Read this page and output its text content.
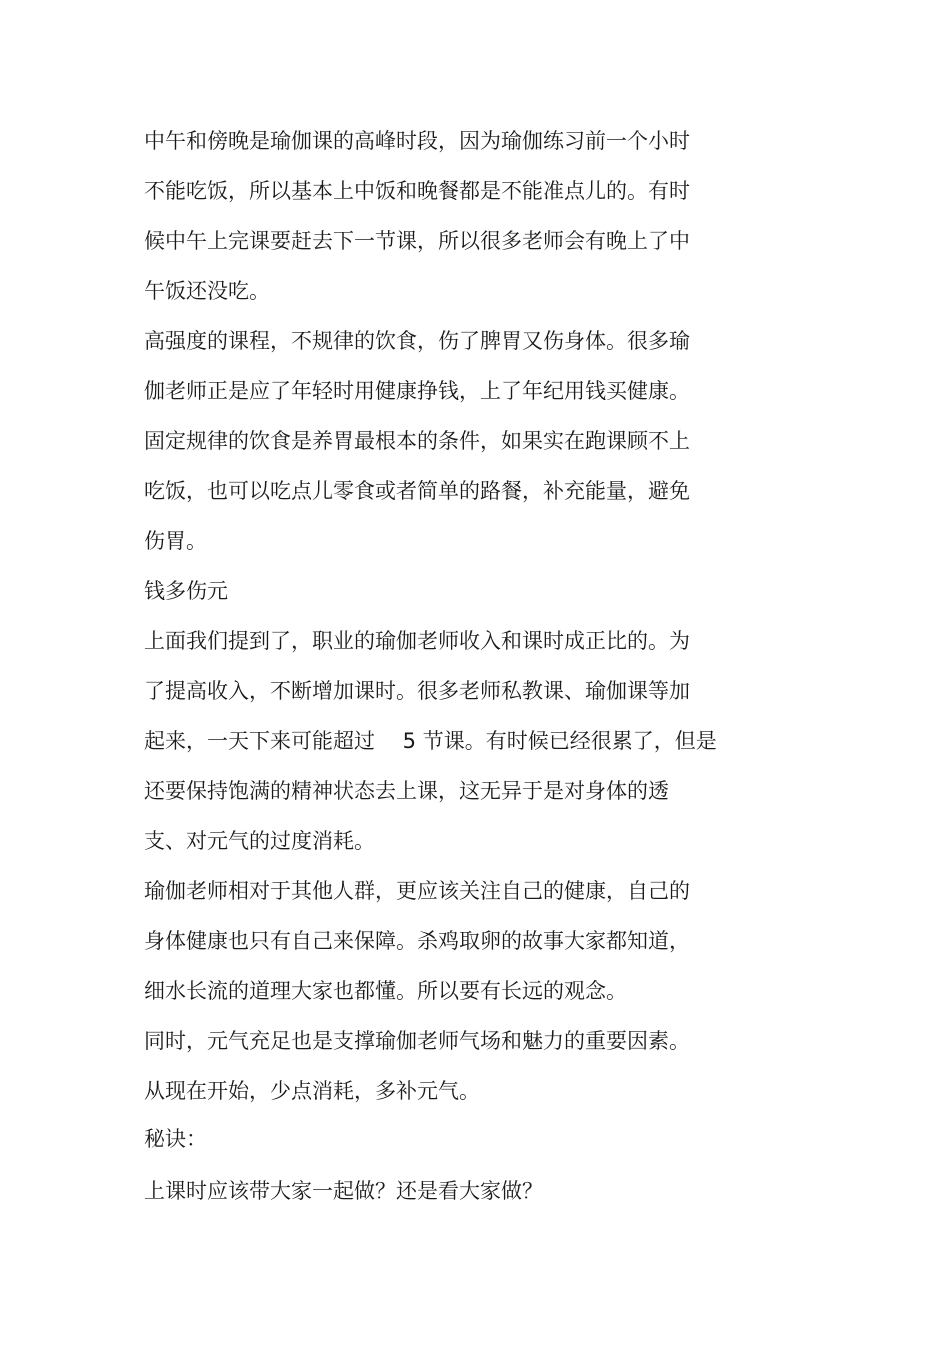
中午和傍晚是瑜伽课的高峰时段，因为瑜伽练习前一个小时
不能吃饭，所以基本上中饭和晚餐都是不能准点儿的。有时
候中午上完课要赶去下一节课，所以很多老师会有晚上了中
午饭还没吃。
高强度的课程，不规律的饮食，伤了脾胃又伤身体。很多瑜
伽老师正是应了年轻时用健康挣钱，上了年纪用钱买健康。
固定规律的饮食是养胃最根本的条件，如果实在跑课顾不上
吃饭，也可以吃点儿零食或者简单的路餐，补充能量，避免
伤胃。
钱多伤元
上面我们提到了，职业的瑜伽老师收入和课时成正比的。为
了提高收入，不断增加课时。很多老师私教课、瑜伽课等加
起来，一天下来可能超过　 5 节课。有时候已经很累了，但是
还要保持饱满的精神状态去上课，这无异于是对身体的透
支、对元气的过度消耗。
瑜伽老师相对于其他人群，更应该关注自己的健康，自己的
身体健康也只有自己来保障。杀鸡取卵的故事大家都知道，
细水长流的道理大家也都懂。所以要有长远的观念。
同时，元气充足也是支撑瑜伽老师气场和魅力的重要因素。
从现在开始，少点消耗，多补元气。
秘诀：
上课时应该带大家一起做？还是看大家做？
